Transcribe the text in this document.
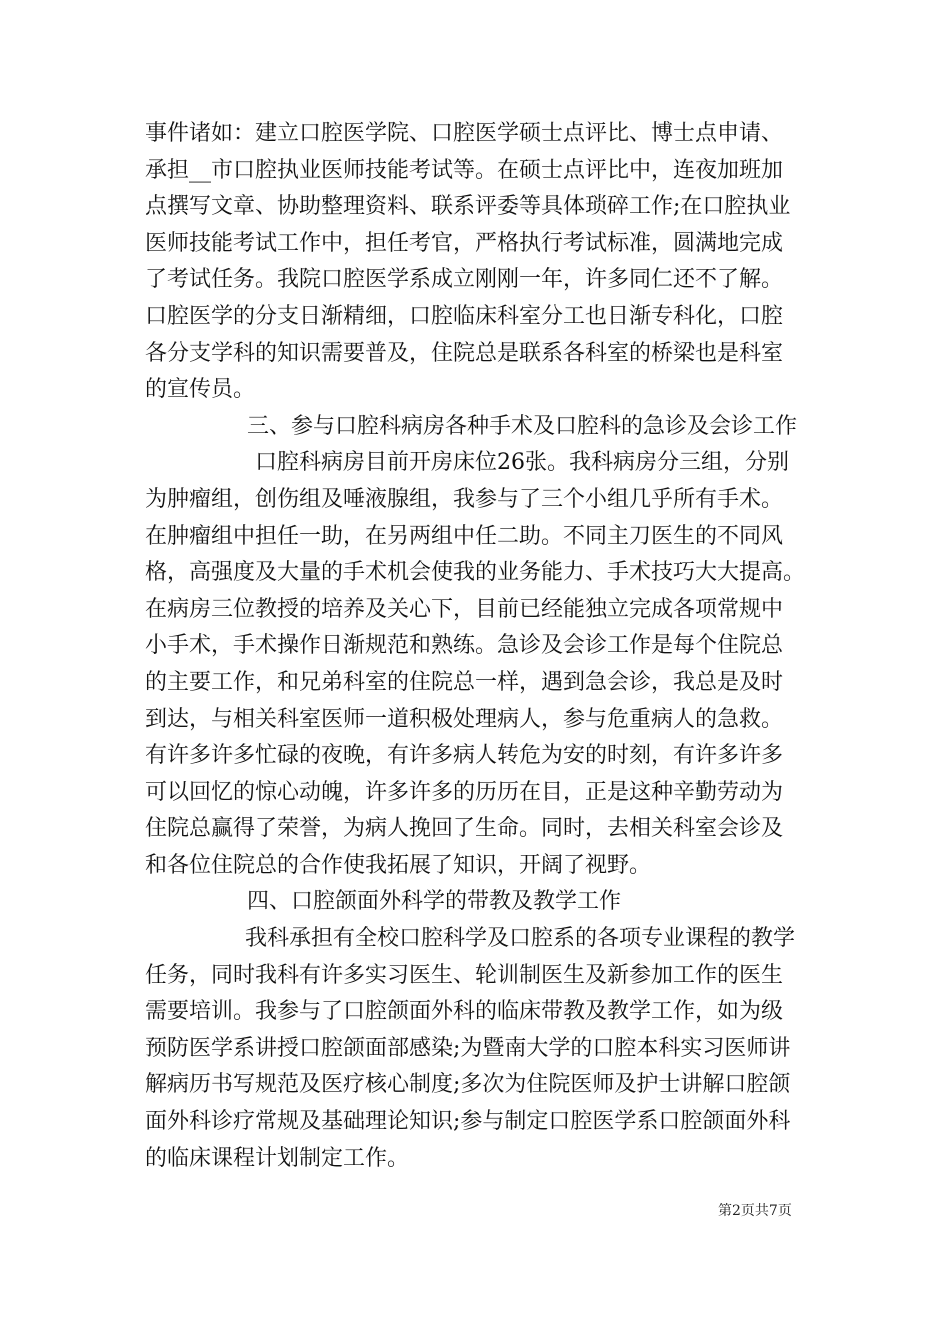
事件诸如：建立口腔医学院、口腔医学硕士点评比、博士点申请、
承担__市口腔执业医师技能考试等。在硕士点评比中，连夜加班加
点撰写文章、协助整理资料、联系评委等具体琐碎工作;在口腔执业
医师技能考试工作中，担任考官，严格执行考试标准，圆满地完成
了考试任务。我院口腔医学系成立刚刚一年，许多同仁还不了解。
口腔医学的分支日渐精细，口腔临床科室分工也日渐专科化，口腔
各分支学科的知识需要普及，住院总是联系各科室的桥梁也是科室
的宣传员。
三、参与口腔科病房各种手术及口腔科的急诊及会诊工作
口腔科病房目前开房床位26张。我科病房分三组，分别
为肿瘤组，创伤组及唾液腺组，我参与了三个小组几乎所有手术。
在肿瘤组中担任一助，在另两组中任二助。不同主刀医生的不同风
格，高强度及大量的手术机会使我的业务能力、手术技巧大大提高。
在病房三位教授的培养及关心下，目前已经能独立完成各项常规中
小手术，手术操作日渐规范和熟练。急诊及会诊工作是每个住院总
的主要工作，和兄弟科室的住院总一样，遇到急会诊，我总是及时
到达，与相关科室医师一道积极处理病人，参与危重病人的急救。
有许多许多忙碌的夜晚，有许多病人转危为安的时刻，有许多许多
可以回忆的惊心动魄，许多许多的历历在目，正是这种辛勤劳动为
住院总赢得了荣誉，为病人挽回了生命。同时，去相关科室会诊及
和各位住院总的合作使我拓展了知识，开阔了视野。
四、口腔颌面外科学的带教及教学工作
我科承担有全校口腔科学及口腔系的各项专业课程的教学
任务，同时我科有许多实习医生、轮训制医生及新参加工作的医生
需要培训。我参与了口腔颌面外科的临床带教及教学工作，如为级
预防医学系讲授口腔颌面部感染;为暨南大学的口腔本科实习医师讲
解病历书写规范及医疗核心制度;多次为住院医师及护士讲解口腔颌
面外科诊疗常规及基础理论知识;参与制定口腔医学系口腔颌面外科
的临床课程计划制定工作。
第2页共7页
